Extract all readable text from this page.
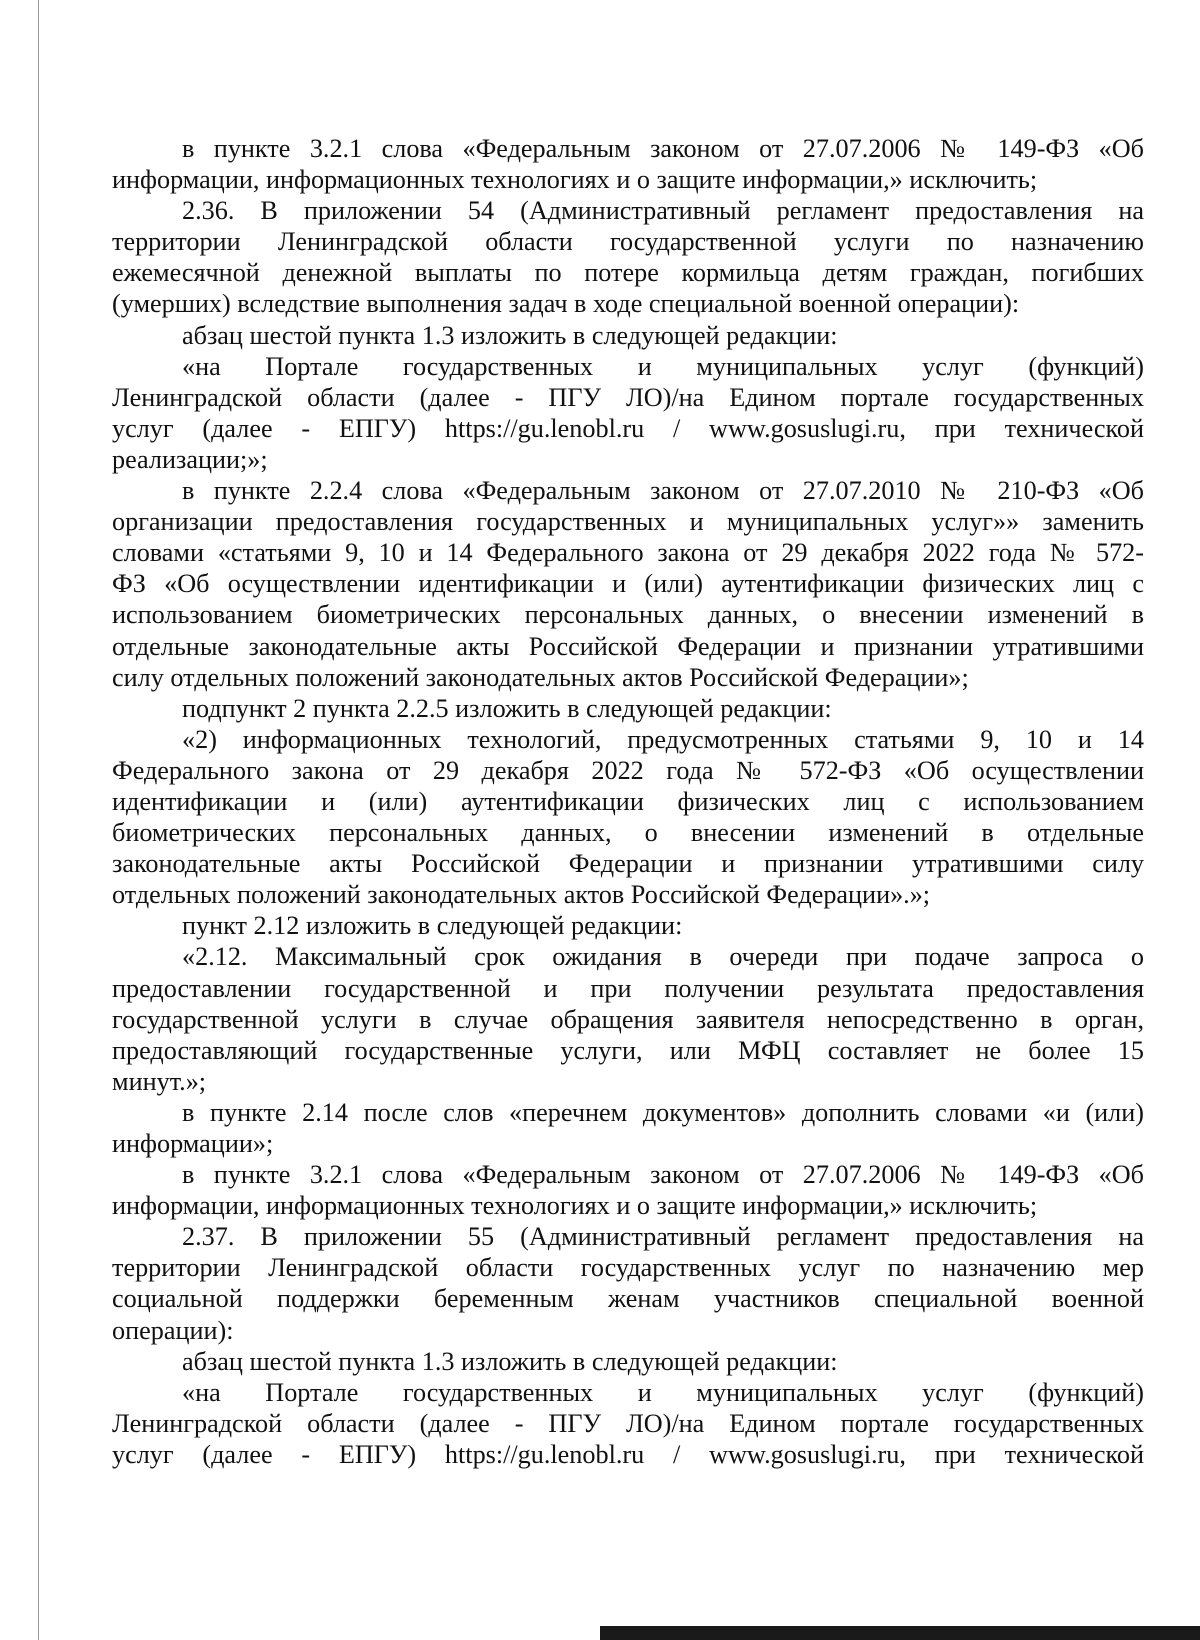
в пункте 3.2.1 слова «Федеральным законом от 27.07.2006 № 149-ФЗ «Об
информации, информационных технологиях и о защите информации,» исключить;
2.36. В приложении 54 (Административный регламент предоставления на
территории Ленинградской области государственной услуги по назначению
ежемесячной денежной выплаты по потере кормильца детям граждан, погибших
(умерших) вследствие выполнения задач в ходе специальной военной операции):
абзац шестой пункта 1.3 изложить в следующей редакции:
«на Портале государственных и муниципальных услуг (функций)
Ленинградской области (далее - ПГУ ЛО)/на Едином портале государственных
услуг (далее - ЕПГУ) https://gu.lenobl.ru / www.gosuslugi.ru, при технической
реализации;»;
в пункте 2.2.4 слова «Федеральным законом от 27.07.2010 № 210-ФЗ «Об
организации предоставления государственных и муниципальных услуг»» заменить
словами «статьями 9, 10 и 14 Федерального закона от 29 декабря 2022 года № 572-
ФЗ «Об осуществлении идентификации и (или) аутентификации физических лиц с
использованием биометрических персональных данных, о внесении изменений в
отдельные законодательные акты Российской Федерации и признании утратившими
силу отдельных положений законодательных актов Российской Федерации»;
подпункт 2 пункта 2.2.5 изложить в следующей редакции:
«2) информационных технологий, предусмотренных статьями 9, 10 и 14
Федерального закона от 29 декабря 2022 года № 572-ФЗ «Об осуществлении
идентификации и (или) аутентификации физических лиц с использованием
биометрических персональных данных, о внесении изменений в отдельные
законодательные акты Российской Федерации и признании утратившими силу
отдельных положений законодательных актов Российской Федерации».»;
пункт 2.12 изложить в следующей редакции:
«2.12. Максимальный срок ожидания в очереди при подаче запроса о
предоставлении государственной и при получении результата предоставления
государственной услуги в случае обращения заявителя непосредственно в орган,
предоставляющий государственные услуги, или МФЦ составляет не более 15
минут.»;
в пункте 2.14 после слов «перечнем документов» дополнить словами «и (или)
информации»;
в пункте 3.2.1 слова «Федеральным законом от 27.07.2006 № 149-ФЗ «Об
информации, информационных технологиях и о защите информации,» исключить;
2.37. В приложении 55 (Административный регламент предоставления на
территории Ленинградской области государственных услуг по назначению мер
социальной поддержки беременным женам участников специальной военной
операции):
абзац шестой пункта 1.3 изложить в следующей редакции:
«на Портале государственных и муниципальных услуг (функций)
Ленинградской области (далее - ПГУ ЛО)/на Едином портале государственных
услуг (далее - ЕПГУ) https://gu.lenobl.ru / www.gosuslugi.ru, при технической
